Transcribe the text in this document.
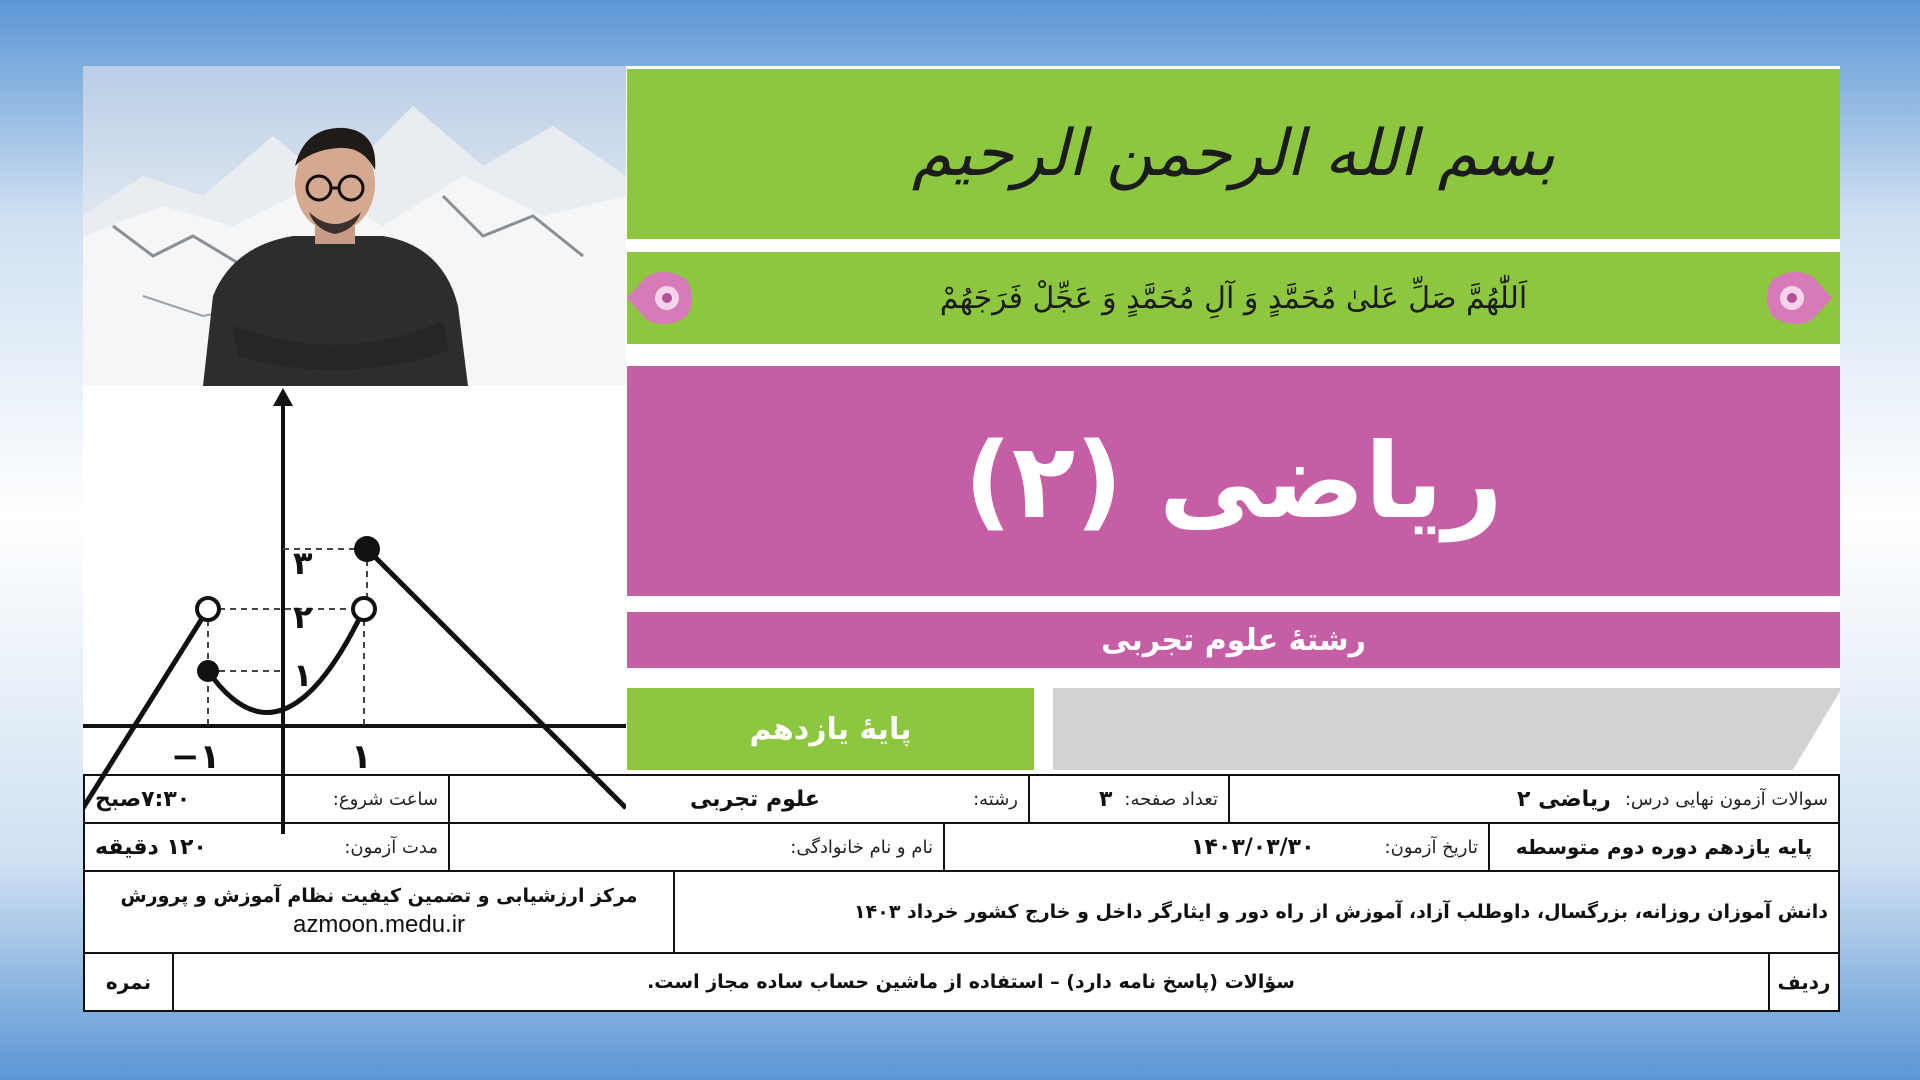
−۱	۱
۱
۲
۳
بسم الله الرحمن الرحیم
اَللّٰهُمَّ صَلِّ عَلىٰ مُحَمَّدٍ وَ آلِ مُحَمَّدٍ وَ عَجِّلْ فَرَجَهُمْ
ریاضی (۲)
رشتۀ علوم تجربی
پایۀ یازدهم
سوالات آزمون نهایی درس:
ریاضی ۲
تعداد صفحه:
۳
رشته:
علوم تجربی
ساعت شروع:
۷:۳۰صبح
پایه یازدهم دوره دوم متوسطه
تاریخ آزمون:
۱۴۰۳/۰۳/۳۰
نام و نام خانوادگی:
مدت آزمون:
۱۲۰ دقیقه
دانش آموزان روزانه، بزرگسال، داوطلب آزاد، آموزش از راه دور و ایثارگر داخل و خارج کشور خرداد ۱۴۰۳
مرکز ارزشیابی و تضمین کیفیت نظام آموزش و پرورش
azmoon.medu.ir
ردیف
سؤالات (پاسخ نامه دارد) – استفاده از ماشین حساب ساده مجاز است.
نمره
